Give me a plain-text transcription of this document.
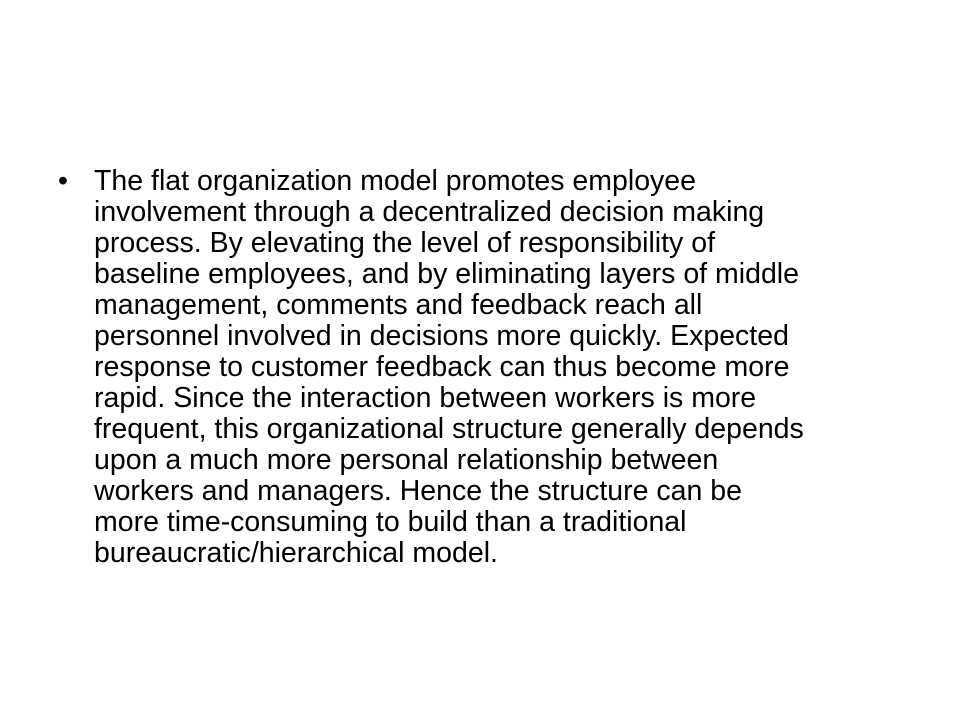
• The flat organization model promotes employee
involvement through a decentralized decision making
process. By elevating the level of responsibility of
baseline employees, and by eliminating layers of middle
management, comments and feedback reach all
personnel involved in decisions more quickly. Expected
response to customer feedback can thus become more
rapid. Since the interaction between workers is more
frequent, this organizational structure generally depends
upon a much more personal relationship between
workers and managers. Hence the structure can be
more time-consuming to build than a traditional
bureaucratic/hierarchical model.
